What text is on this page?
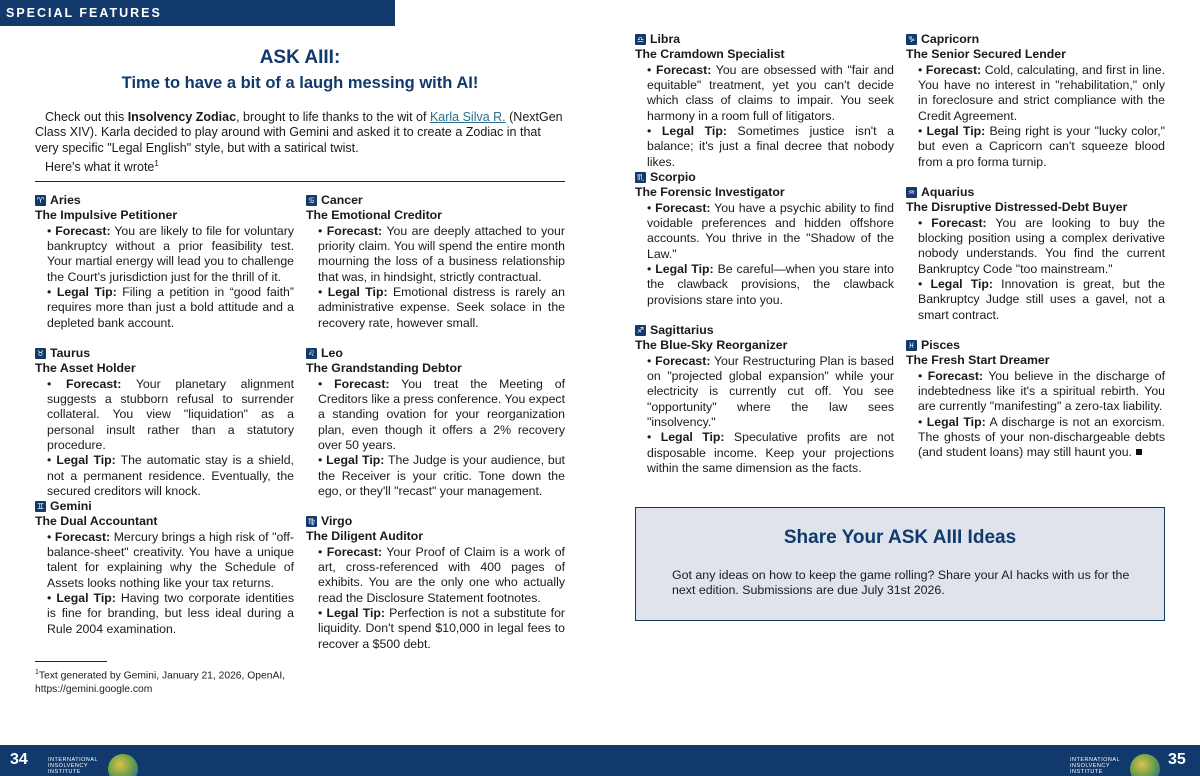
SPECIAL FEATURES
ASK AIII:
Time to have a bit of a laugh messing with AI!

Check out this Insolvency Zodiac, brought to life thanks to the wit of Karla Silva R. (NextGen Class XIV). Karla decided to play around with Gemini and asked it to create a Zodiac in that very specific "Legal English" style, but with a satirical twist.

Here's what it wrote$^1$

♈ Aries
The Impulsive Petitioner

• Forecast: You are likely to file for voluntary bankruptcy without a prior feasibility test. Your martial energy will lead you to challenge the Court's jurisdiction just for the thrill of it.

• Legal Tip: Filing a petition in “good faith” requires more than just a bold attitude and a depleted bank account.

♉ Taurus
The Asset Holder

• Forecast: Your planetary alignment suggests a stubborn refusal to surrender collateral. You view "liquidation" as a personal insult rather than a statutory procedure.

• Legal Tip: The automatic stay is a shield, not a permanent residence. Eventually, the secured creditors will knock.

♊ Gemini
The Dual Accountant

• Forecast: Mercury brings a high risk of "off-balance-sheet" creativity. You have a unique talent for explaining why the Schedule of Assets looks nothing like your tax returns.

• Legal Tip: Having two corporate identities is fine for branding, but less ideal during a Rule 2004 examination.

♋ Cancer
The Emotional Creditor

• Forecast: You are deeply attached to your priority claim. You will spend the entire month mourning the loss of a business relationship that was, in hindsight, strictly contractual.

• Legal Tip: Emotional distress is rarely an administrative expense. Seek solace in the recovery rate, however small.

♌ Leo
The Grandstanding Debtor

• Forecast: You treat the Meeting of Creditors like a press conference. You expect a standing ovation for your reorganization plan, even though it offers a 2% recovery over 50 years.

• Legal Tip: The Judge is your audience, but the Receiver is your critic. Tone down the ego, or they'll "recast" your management.

♍ Virgo
The Diligent Auditor

• Forecast: Your Proof of Claim is a work of art, cross-referenced with 400 pages of exhibits. You are the only one who actually read the Disclosure Statement footnotes.

• Legal Tip: Perfection is not a substitute for liquidity. Don't spend $10,000 in legal fees to recover a $500 debt.

♎ Libra
The Cramdown Specialist

• Forecast: You are obsessed with "fair and equitable" treatment, yet you can't decide which class of claims to impair. You seek harmony in a room full of litigators.

• Legal Tip: Sometimes justice isn't a balance; it's just a final decree that nobody likes.

♏ Scorpio
The Forensic Investigator

• Forecast: You have a psychic ability to find voidable preferences and hidden offshore accounts. You thrive in the "Shadow of the Law."

• Legal Tip: Be careful—when you stare into the clawback provisions, the clawback provisions stare into you.

♐ Sagittarius
The Blue-Sky Reorganizer

• Forecast: Your Restructuring Plan is based on "projected global expansion" while your electricity is currently cut off. You see "opportunity" where the law sees "insolvency."

• Legal Tip: Speculative profits are not disposable income. Keep your projections within the same dimension as the facts.

♑ Capricorn
The Senior Secured Lender

• Forecast: Cold, calculating, and first in line. You have no interest in "rehabilitation," only in foreclosure and strict compliance with the Credit Agreement.

• Legal Tip: Being right is your "lucky color," but even a Capricorn can't squeeze blood from a pro forma turnip.

♒ Aquarius
The Disruptive Distressed-Debt Buyer

• Forecast: You are looking to buy the blocking position using a complex derivative nobody understands. You find the current Bankruptcy Code "too mainstream."

• Legal Tip: Innovation is great, but the Bankruptcy Judge still uses a gavel, not a smart contract.

♓ Pisces
The Fresh Start Dreamer

• Forecast: You believe in the discharge of indebtedness like it's a spiritual rebirth. You are currently "manifesting" a zero-tax liability.

• Legal Tip: A discharge is not an exorcism. The ghosts of your non-dischargeable debts (and student loans) may still haunt you.

$^1$Text generated by Gemini, January 21, 2026, OpenAI, https://gemini.google.com
Share Your ASK AIII Ideas
Got any ideas on how to keep the game rolling? Share your AI hacks with us for the next edition. Submissions are due July 31st 2026.
34	INTERNATIONAL INSOLVENCY INSTITUTE
INTERNATIONAL INSOLVENCY INSTITUTE
35
